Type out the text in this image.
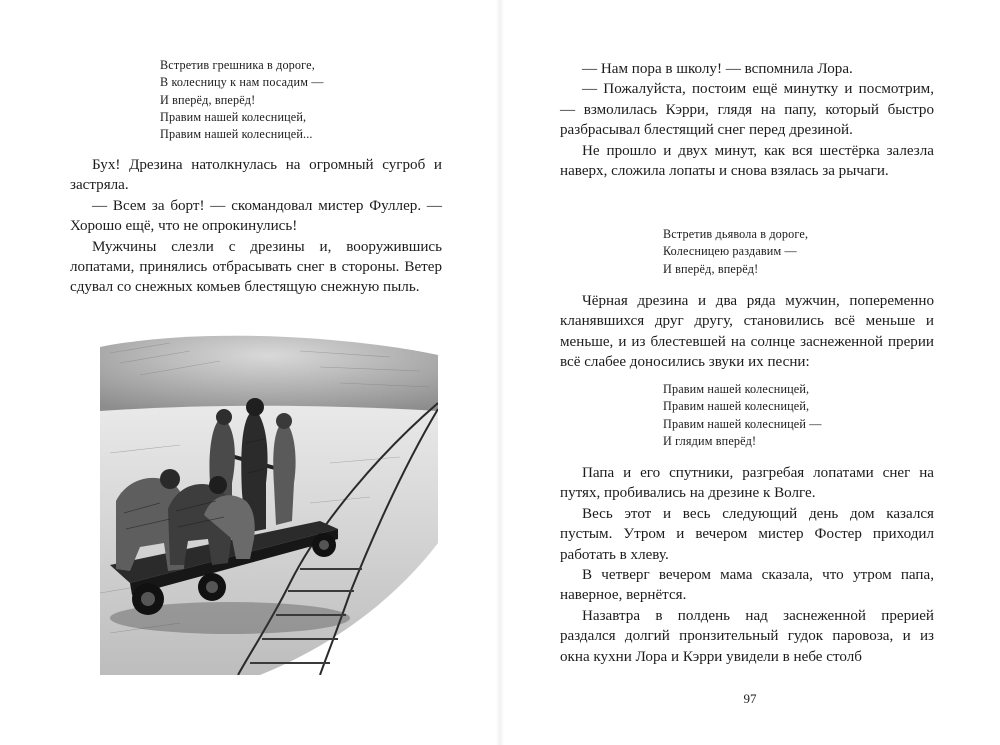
Встретив грешника в дороге,
В колесницу к нам посадим —
И вперёд, вперёд!
Правим нашей колесницей,
Правим нашей колесницей...

Бух! Дрезина натолкнулась на огромный сугроб и застряла.

— Всем за борт! — скомандовал мистер Фуллер. — Хорошо ещё, что не опрокинулись!

Мужчины слезли с дрезины и, вооружившись лопатами, принялись отбрасывать снег в стороны. Ветер сдувал со снежных комьев блестящую снежную пыль.

— Нам пора в школу! — вспомнила Лора.

— Пожалуйста, постоим ещё минутку и посмотрим, — взмолилась Кэрри, глядя на папу, который быстро разбрасывал блестящий снег перед дрезиной.

Не прошло и двух минут, как вся шестёрка залезла наверх, сложила лопаты и снова взялась за рычаги.

Встретив дьявола в дороге,
Колесницею раздавим —
И вперёд, вперёд!

Чёрная дрезина и два ряда мужчин, попеременно кланявшихся друг другу, становились всё меньше и меньше, и из блестевшей на солнце заснеженной прерии всё слабее доносились звуки их песни:

Правим нашей колесницей,
Правим нашей колесницей,
Правим нашей колесницей —
И глядим вперёд!

Папа и его спутники, разгребая лопатами снег на путях, пробивались на дрезине к Волге.

Весь этот и весь следующий день дом казался пустым. Утром и вечером мистер Фостер приходил работать в хлеву.

В четверг вечером мама сказала, что утром папа, наверное, вернётся.

Назавтра в полдень над заснеженной прерией раздался долгий пронзительный гудок паровоза, и из окна кухни Лора и Кэрри увидели в небе столб

97
